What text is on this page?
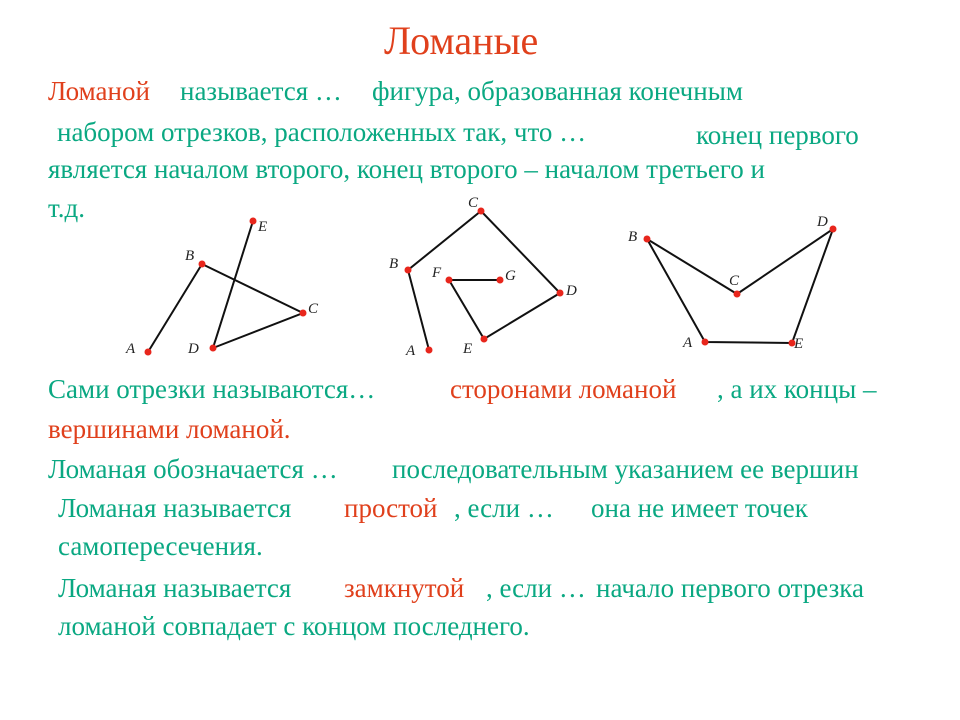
Ломаные
Ломаной называется … фигура, образованная конечным
набором отрезков, расположенных так, что …	конец первого
является началом второго, конец второго – началом третьего и
т.д.
A
B
C
D
E
A
B
C
D
E
F	G
A
B
C
D
E
Сами отрезки называются…	сторонами ломаной , а их концы –
вершинами ломаной.
Ломаная обозначается … последовательным указанием ее вершин
Ломаная называется простой , если … она не имеет точек
самопересечения.
Ломаная называется замкнутой , если … начало первого отрезка
ломаной совпадает с концом последнего.
